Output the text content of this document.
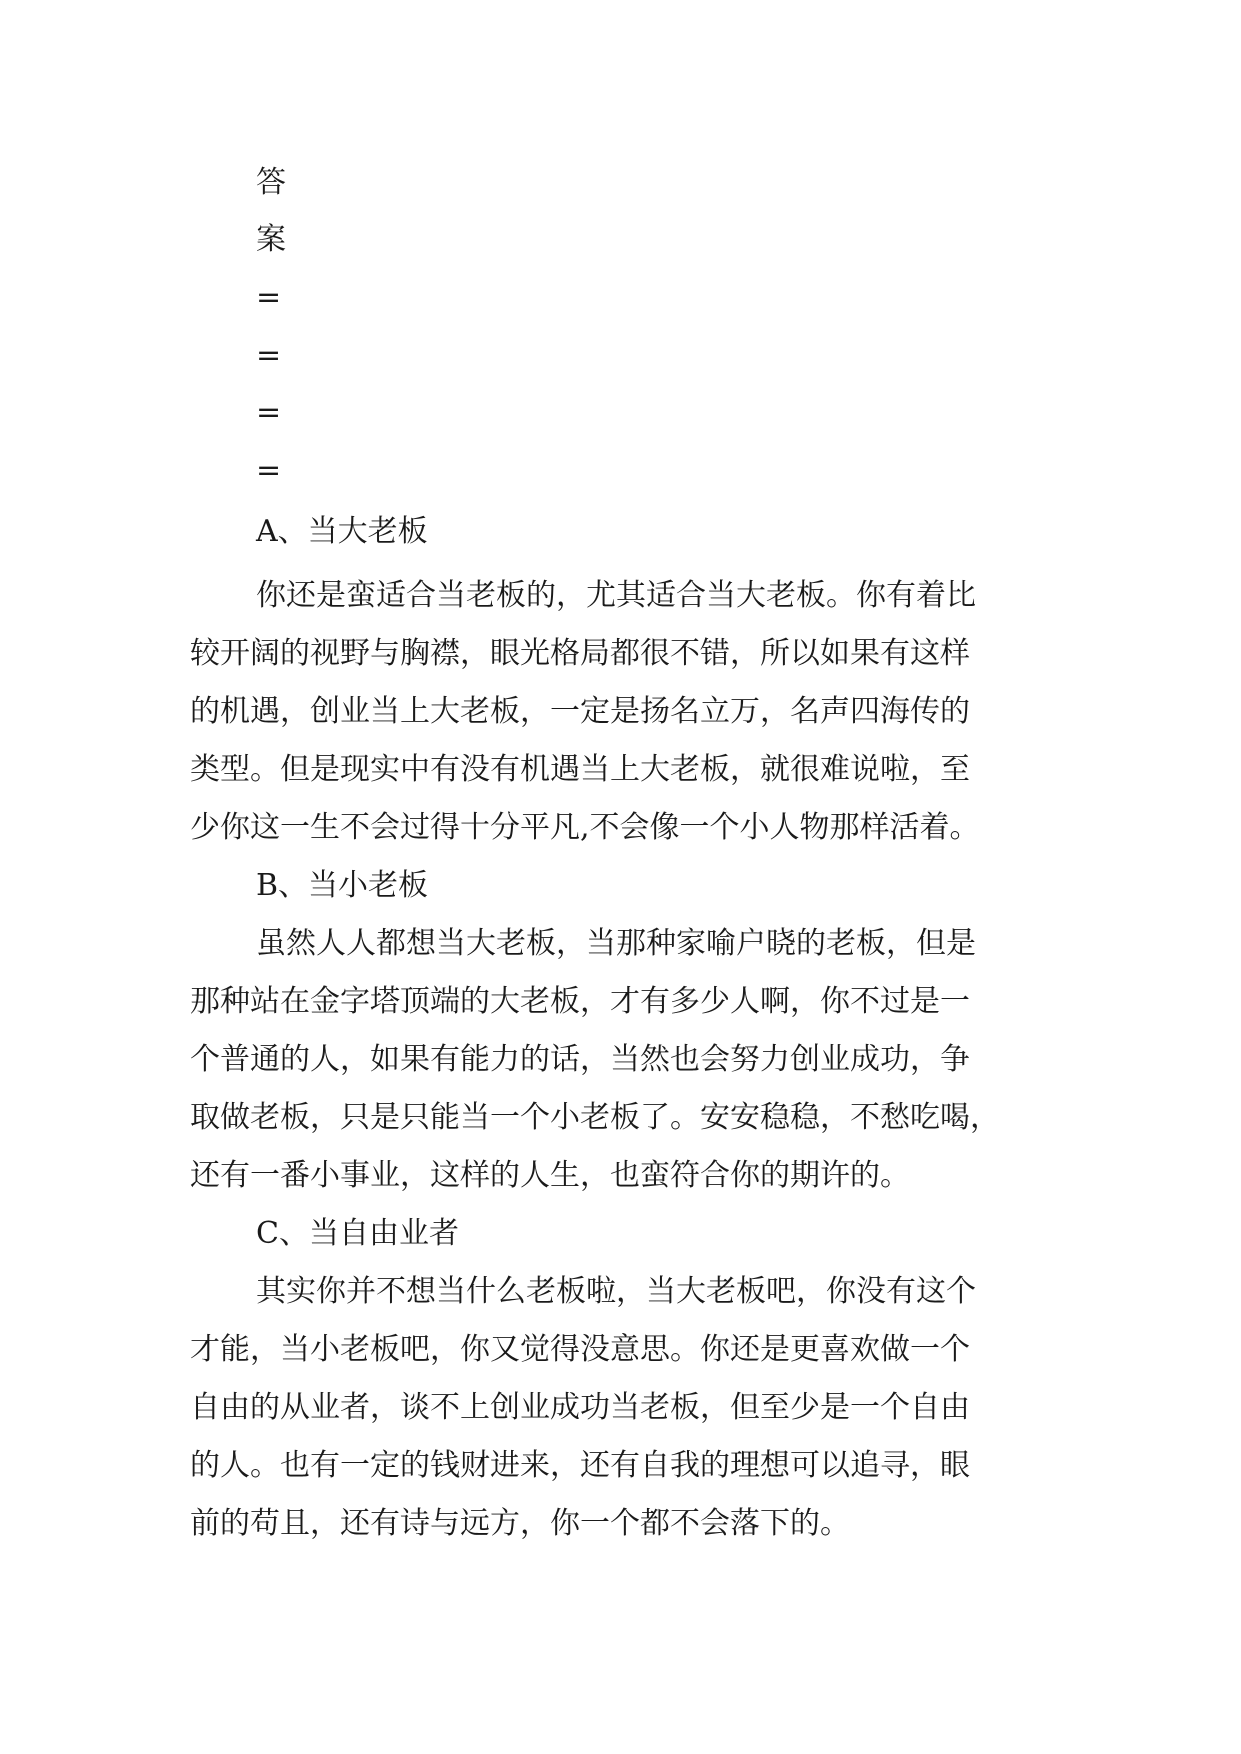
答
案
=
=
=
=
A、当大老板
你还是蛮适合当老板的，尤其适合当大老板。你有着比
较开阔的视野与胸襟，眼光格局都很不错，所以如果有这样
的机遇，创业当上大老板，一定是扬名立万，名声四海传的
类型。但是现实中有没有机遇当上大老板，就很难说啦，至
少你这一生不会过得十分平凡,不会像一个小人物那样活着。
B、当小老板
虽然人人都想当大老板，当那种家喻户晓的老板，但是
那种站在金字塔顶端的大老板，才有多少人啊，你不过是一
个普通的人，如果有能力的话，当然也会努力创业成功，争
取做老板，只是只能当一个小老板了。安安稳稳，不愁吃喝，
还有一番小事业，这样的人生，也蛮符合你的期许的。
C、当自由业者
其实你并不想当什么老板啦，当大老板吧，你没有这个
才能，当小老板吧，你又觉得没意思。你还是更喜欢做一个
自由的从业者，谈不上创业成功当老板，但至少是一个自由
的人。也有一定的钱财进来，还有自我的理想可以追寻，眼
前的苟且，还有诗与远方，你一个都不会落下的。
